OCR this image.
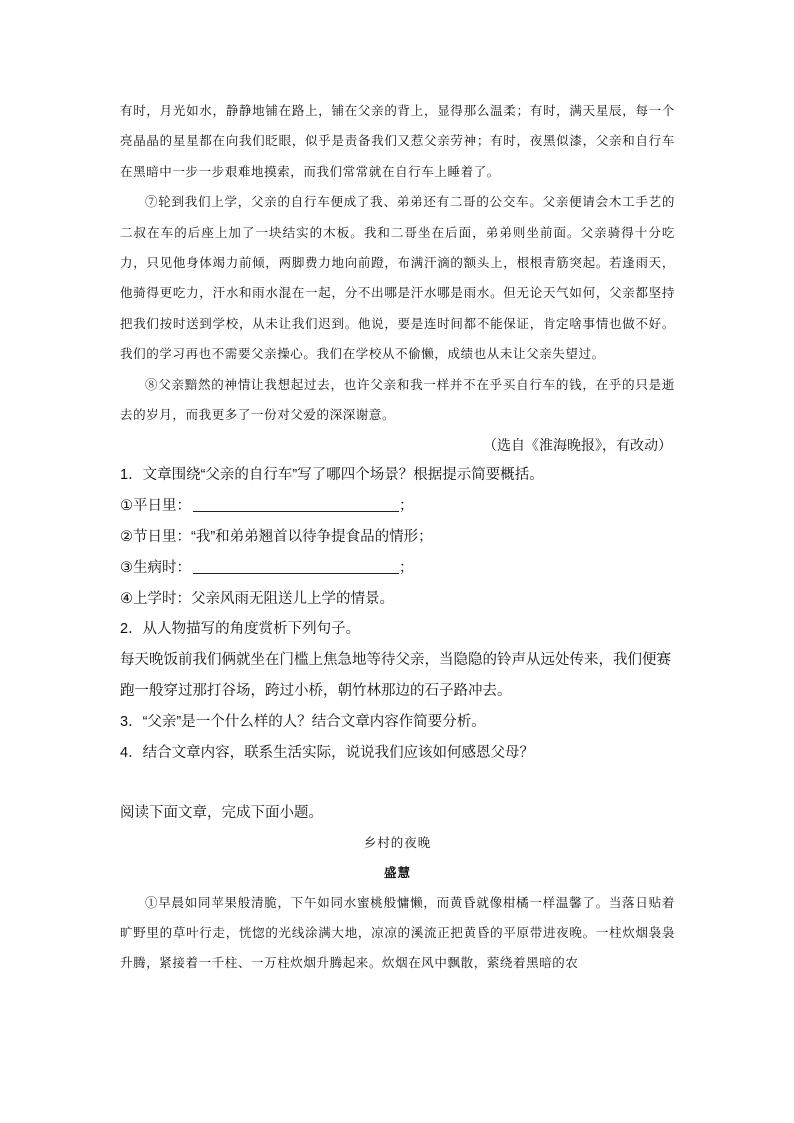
有时，月光如水，静静地铺在路上，铺在父亲的背上，显得那么温柔；有时，满天星辰，每一个亮晶晶的星星都在向我们眨眼，似乎是责备我们又惹父亲劳神；有时，夜黑似漆，父亲和自行车在黑暗中一步一步艰难地摸索，而我们常常就在自行车上睡着了。

⑦轮到我们上学，父亲的自行车便成了我、弟弟还有二哥的公交车。父亲便请会木工手艺的二叔在车的后座上加了一块结实的木板。我和二哥坐在后面，弟弟则坐前面。父亲骑得十分吃力，只见他身体竭力前倾，两脚费力地向前蹬，布满汗滴的额头上，根根青筋突起。若逢雨天，他骑得更吃力，汗水和雨水混在一起，分不出哪是汗水哪是雨水。但无论天气如何，父亲都坚持把我们按时送到学校，从未让我们迟到。他说，要是连时间都不能保证，肯定啥事情也做不好。我们的学习再也不需要父亲操心。我们在学校从不偷懒，成绩也从未让父亲失望过。

⑧父亲黯然的神情让我想起过去，也许父亲和我一样并不在乎买自行车的钱，在乎的只是逝去的岁月，而我更多了一份对父爱的深深谢意。

（选自《淮海晚报》，有改动）

1．文章围绕“父亲的自行车”写了哪四个场景？根据提示简要概括。

①平日里：	；

②节日里：“我”和弟弟翘首以待争提食品的情形；

③生病时：	；

④上学时：父亲风雨无阻送儿上学的情景。

2．从人物描写的角度赏析下列句子。

每天晚饭前我们俩就坐在门槛上焦急地等待父亲，当隐隐的铃声从远处传来，我们便赛跑一般穿过那打谷场，跨过小桥，朝竹林那边的石子路冲去。

3．“父亲”是一个什么样的人？结合文章内容作简要分析。

4．结合文章内容，联系生活实际，说说我们应该如何感恩父母？

阅读下面文章，完成下面小题。

乡村的夜晚

盛慧

①早晨如同苹果般清脆，下午如同水蜜桃般慵懒，而黄昏就像柑橘一样温馨了。当落日贴着旷野里的草叶行走，恍惚的光线涂满大地，凉凉的溪流正把黄昏的平原带进夜晚。一柱炊烟袅袅升腾，紧接着一千柱、一万柱炊烟升腾起来。炊烟在风中飘散，萦绕着黑暗的农
